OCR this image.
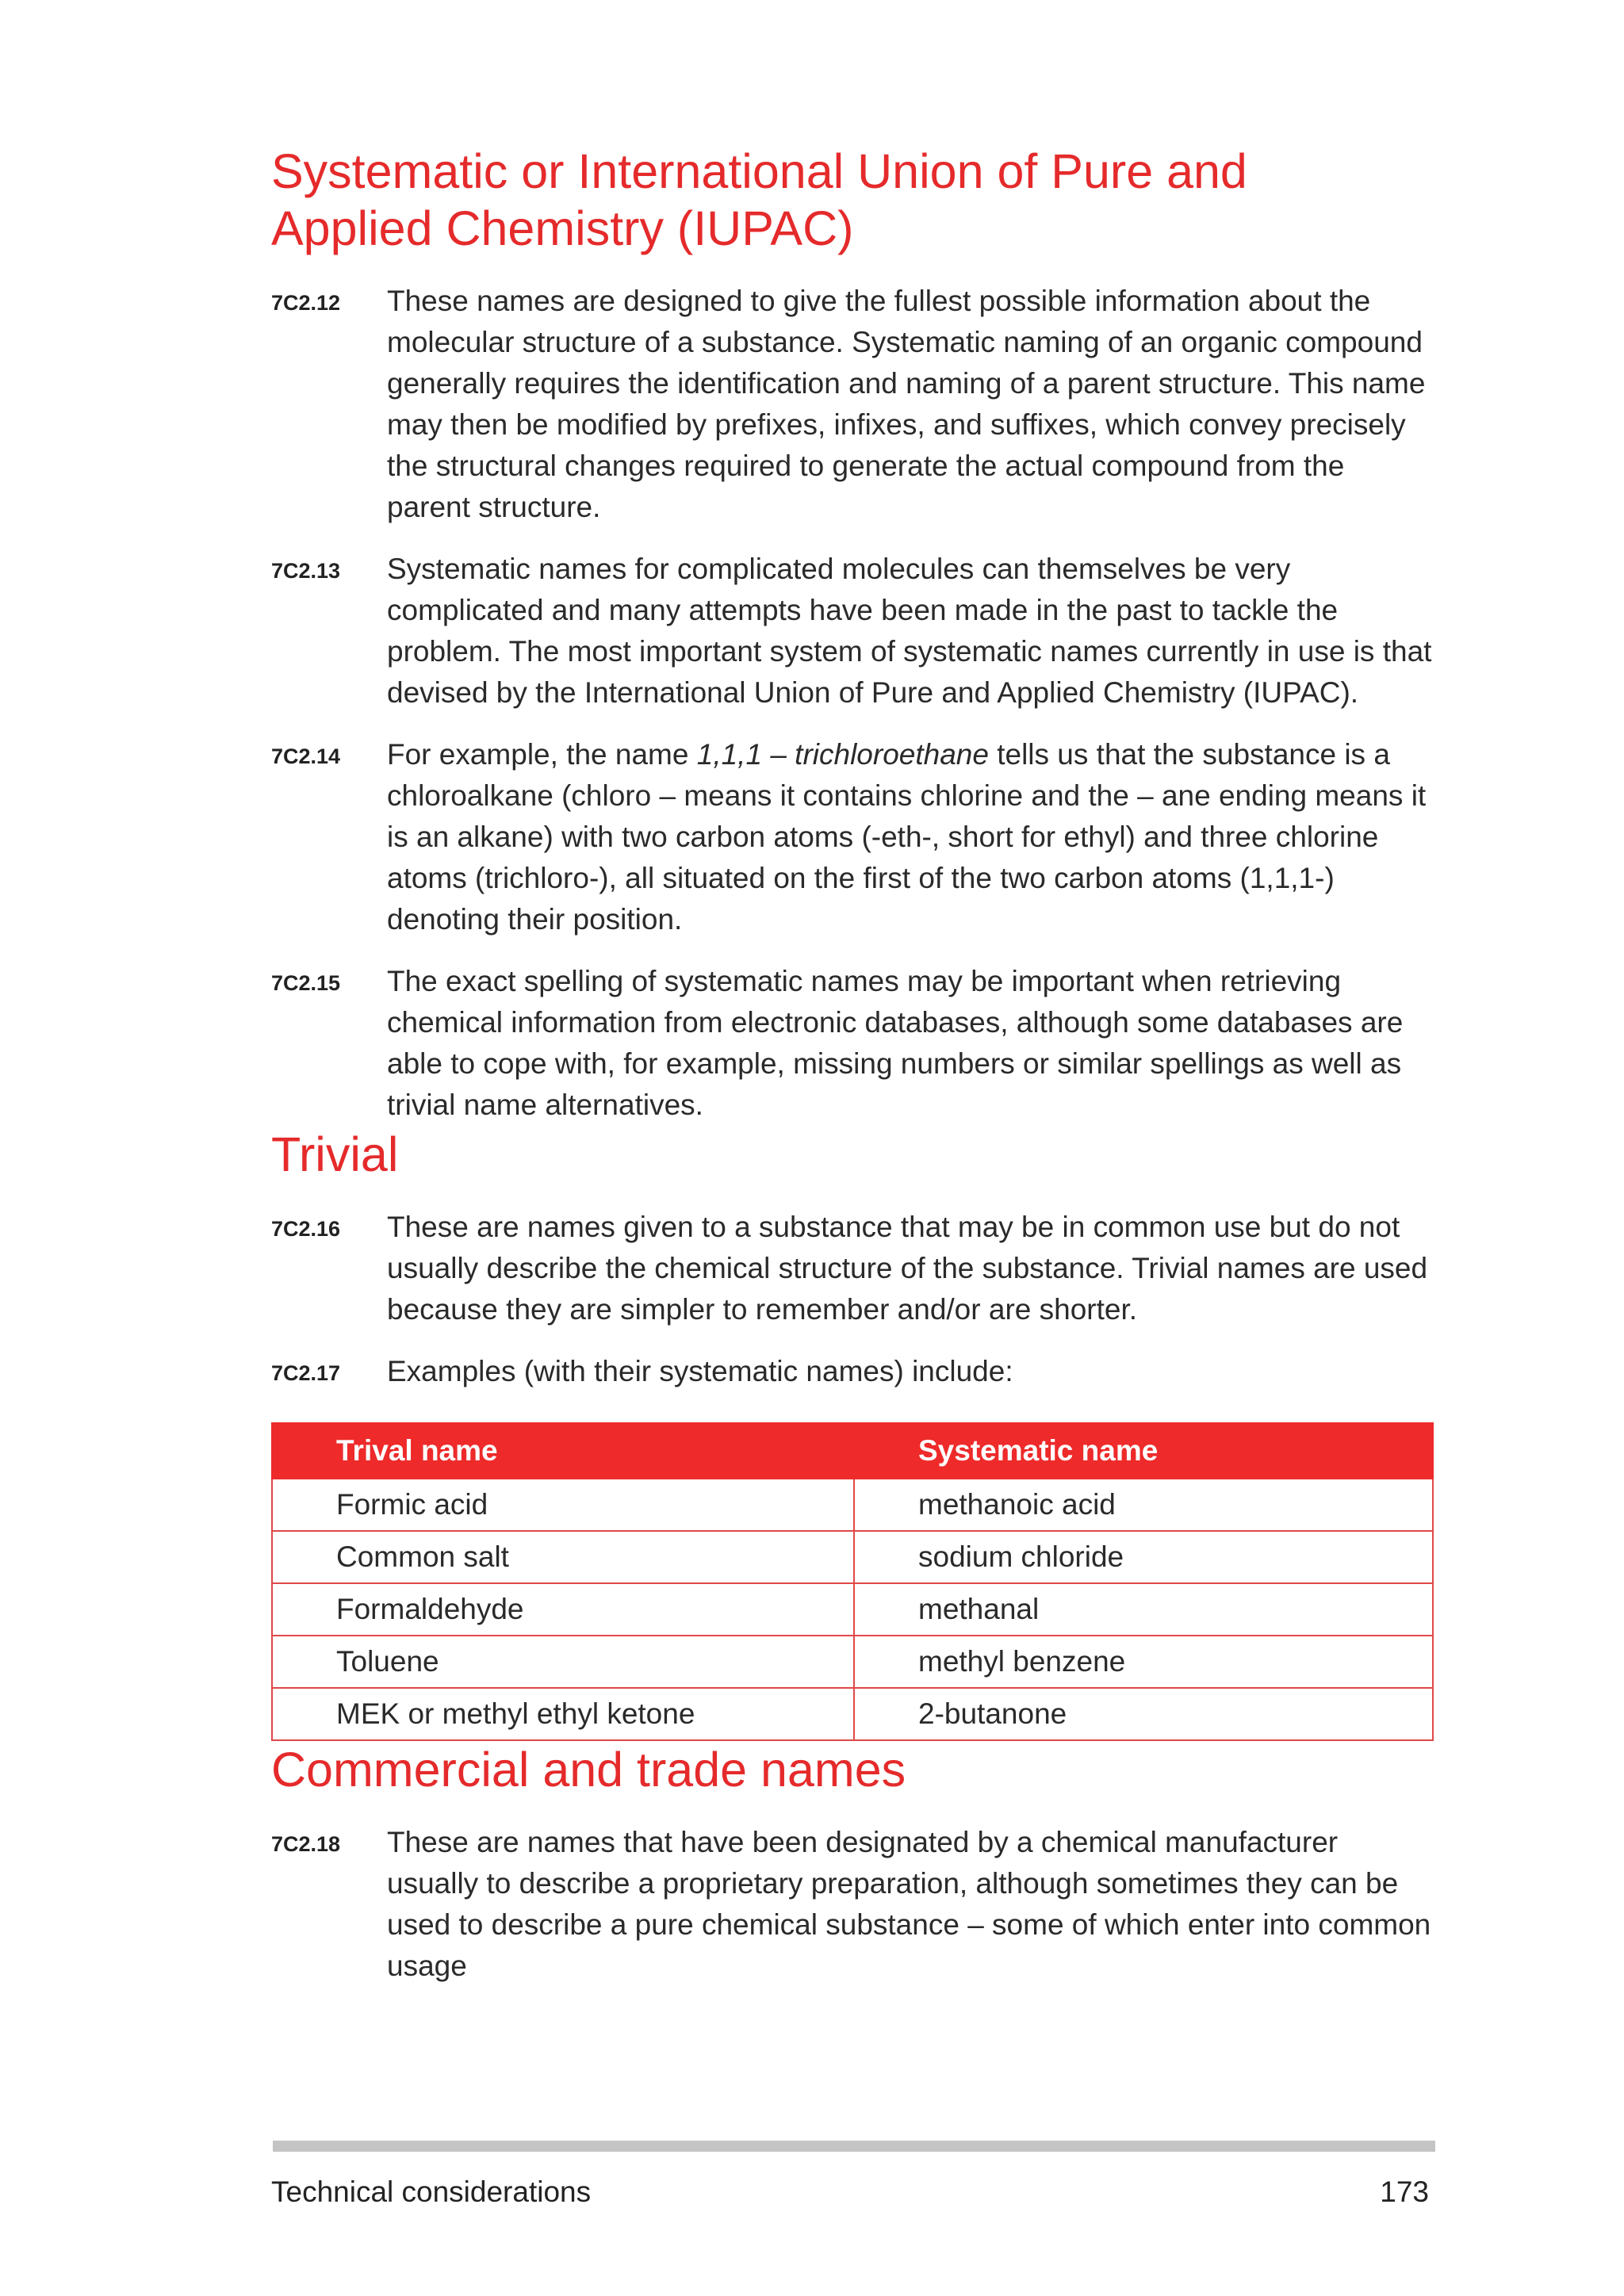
Systematic or International Union of Pure and
Applied Chemistry (IUPAC)
7C2.12	These names are designed to give the fullest possible information about the molecular structure of a substance. Systematic naming of an organic compound generally requires the identification and naming of a parent structure. This name may then be modified by prefixes, infixes, and suffixes, which convey precisely the structural changes required to generate the actual compound from the parent structure.

7C2.13	Systematic names for complicated molecules can themselves be very complicated and many attempts have been made in the past to tackle the problem. The most important system of systematic names currently in use is that devised by the International Union of Pure and Applied Chemistry (IUPAC).

7C2.14	For example, the name 1,1,1 – trichloroethane tells us that the substance is a chloroalkane (chloro – means it contains chlorine and the – ane ending means it is an alkane) with two carbon atoms (-eth-, short for ethyl) and three chlorine atoms (trichloro-), all situated on the first of the two carbon atoms (1,1,1-) denoting their position.

7C2.15	The exact spelling of systematic names may be important when retrieving chemical information from electronic databases, although some databases are able to cope with, for example, missing numbers or similar spellings as well as trivial name alternatives.

Trivial
7C2.16	These are names given to a substance that may be in common use but do not usually describe the chemical structure of the substance. Trivial names are used because they are simpler to remember and/or are shorter.

7C2.17	Examples (with their systematic names) include:

Trival name	Systematic name
Formic acid	methanoic acid
Common salt	sodium chloride
Formaldehyde	methanal
Toluene	methyl benzene
MEK or methyl ethyl ketone	2-butanone
Commercial and trade names
7C2.18	These are names that have been designated by a chemical manufacturer usually to describe a proprietary preparation, although sometimes they can be used to describe a pure chemical substance – some of which enter into common usage

Technical considerations	173
